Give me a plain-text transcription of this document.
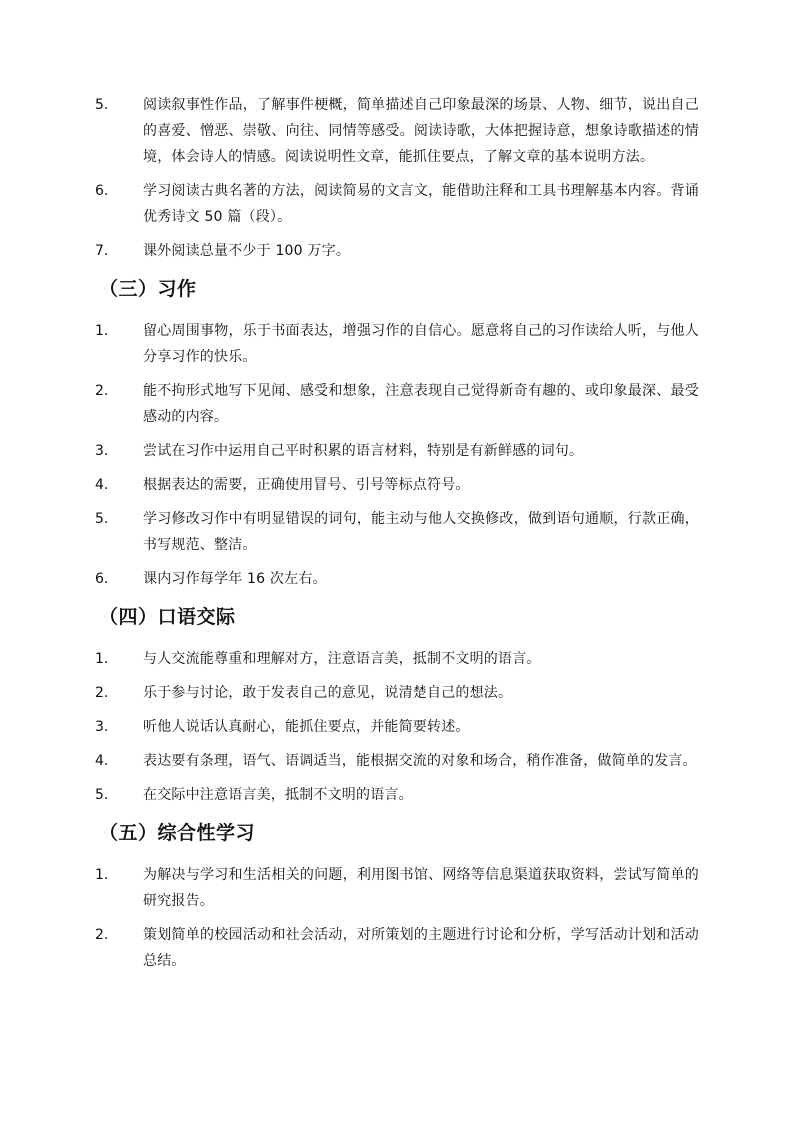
5.	阅读叙事性作品，了解事件梗概，简单描述自己印象最深的场景、人物、细节，说出自己的喜爱、憎恶、崇敬、向往、同情等感受。阅读诗歌，大体把握诗意，想象诗歌描述的情境，体会诗人的情感。阅读说明性文章，能抓住要点，了解文章的基本说明方法。
6.	学习阅读古典名著的方法，阅读简易的文言文，能借助注释和工具书理解基本内容。背诵优秀诗文 50 篇（段）。
7.	课外阅读总量不少于 100 万字。
（三）习作
1.	留心周围事物，乐于书面表达，增强习作的自信心。愿意将自己的习作读给人听，与他人分享习作的快乐。
2.	能不拘形式地写下见闻、感受和想象，注意表现自己觉得新奇有趣的、或印象最深、最受感动的内容。
3.	尝试在习作中运用自己平时积累的语言材料，特别是有新鲜感的词句。
4.	根据表达的需要，正确使用冒号、引号等标点符号。
5.	学习修改习作中有明显错误的词句，能主动与他人交换修改，做到语句通顺，行款正确，书写规范、整洁。
6.	课内习作每学年 16 次左右。
（四）口语交际
1.	与人交流能尊重和理解对方，注意语言美，抵制不文明的语言。
2.	乐于参与讨论，敢于发表自己的意见，说清楚自己的想法。
3.	听他人说话认真耐心，能抓住要点，并能简要转述。
4.	表达要有条理，语气、语调适当，能根据交流的对象和场合，稍作准备，做简单的发言。
5.	在交际中注意语言美，抵制不文明的语言。
（五）综合性学习
1.	为解决与学习和生活相关的问题，利用图书馆、网络等信息渠道获取资料，尝试写简单的研究报告。
2.	策划简单的校园活动和社会活动，对所策划的主题进行讨论和分析，学写活动计划和活动总结。
